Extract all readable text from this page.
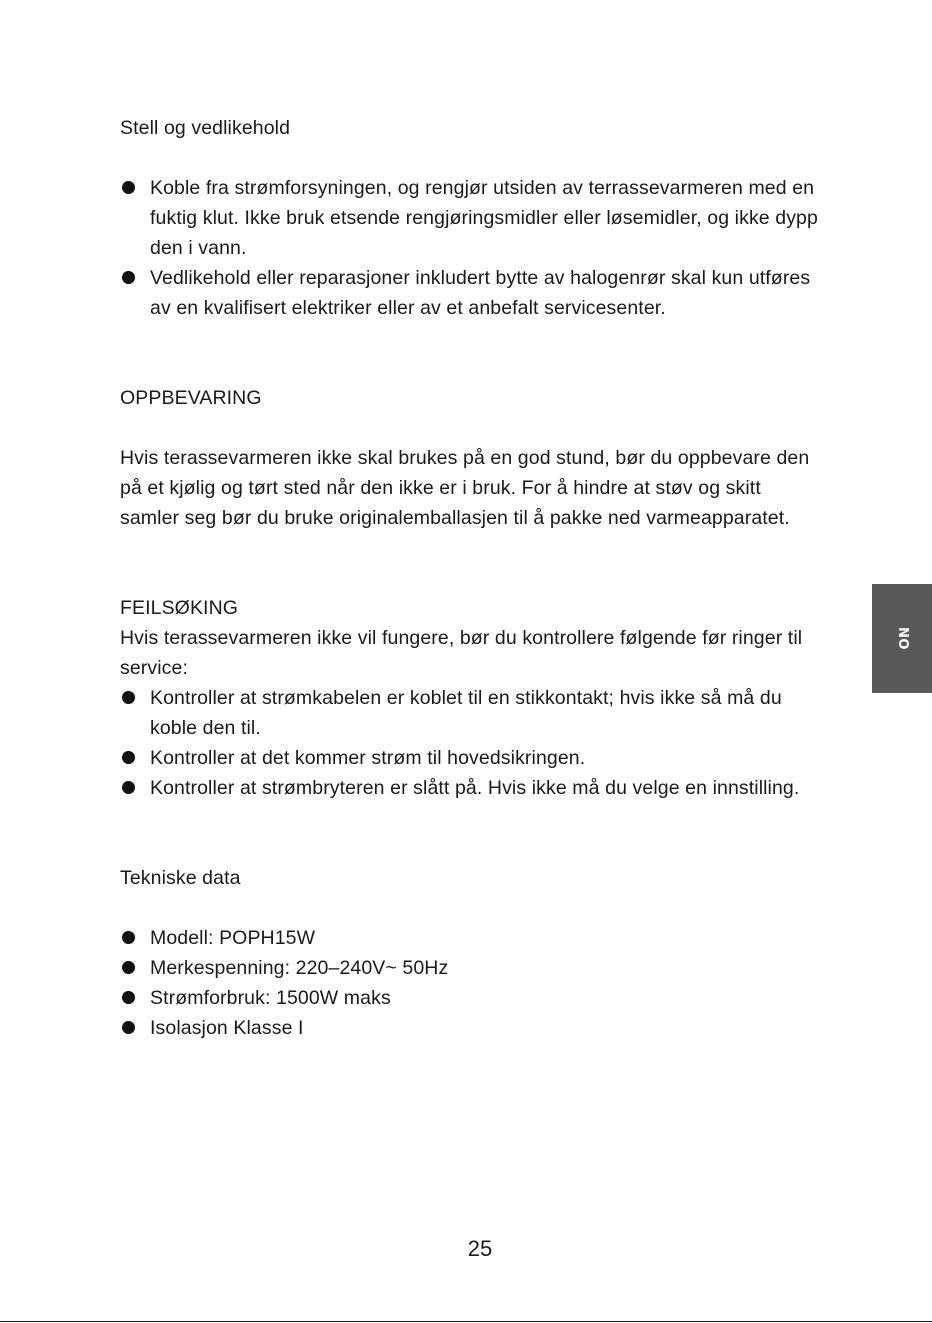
Stell og vedlikehold
Koble fra strømforsyningen, og rengjør utsiden av terrassevarmeren med en fuktig klut. Ikke bruk etsende rengjøringsmidler eller løsemidler, og ikke dypp den i vann.
Vedlikehold eller reparasjoner inkludert bytte av halogenrør skal kun utføres av en kvalifisert elektriker eller av et anbefalt servicesenter.
OPPBEVARING

Hvis terassevarmeren ikke skal brukes på en god stund, bør du oppbevare den på et kjølig og tørt sted når den ikke er i bruk. For å hindre at støv og skitt samler seg bør du bruke originalemballasjen til å pakke ned varmeapparatet.

FEILSØKING

Hvis terassevarmeren ikke vil fungere, bør du kontrollere følgende før ringer til service:

Kontroller at strømkabelen er koblet til en stikkontakt; hvis ikke så må du koble den til.
Kontroller at det kommer strøm til hovedsikringen.
Kontroller at strømbryteren er slått på. Hvis ikke må du velge en innstilling.
Tekniske data
Modell: POPH15W
Merkespenning: 220–240V~ 50Hz
Strømforbruk: 1500W maks
Isolasjon Klasse I
NO
25
